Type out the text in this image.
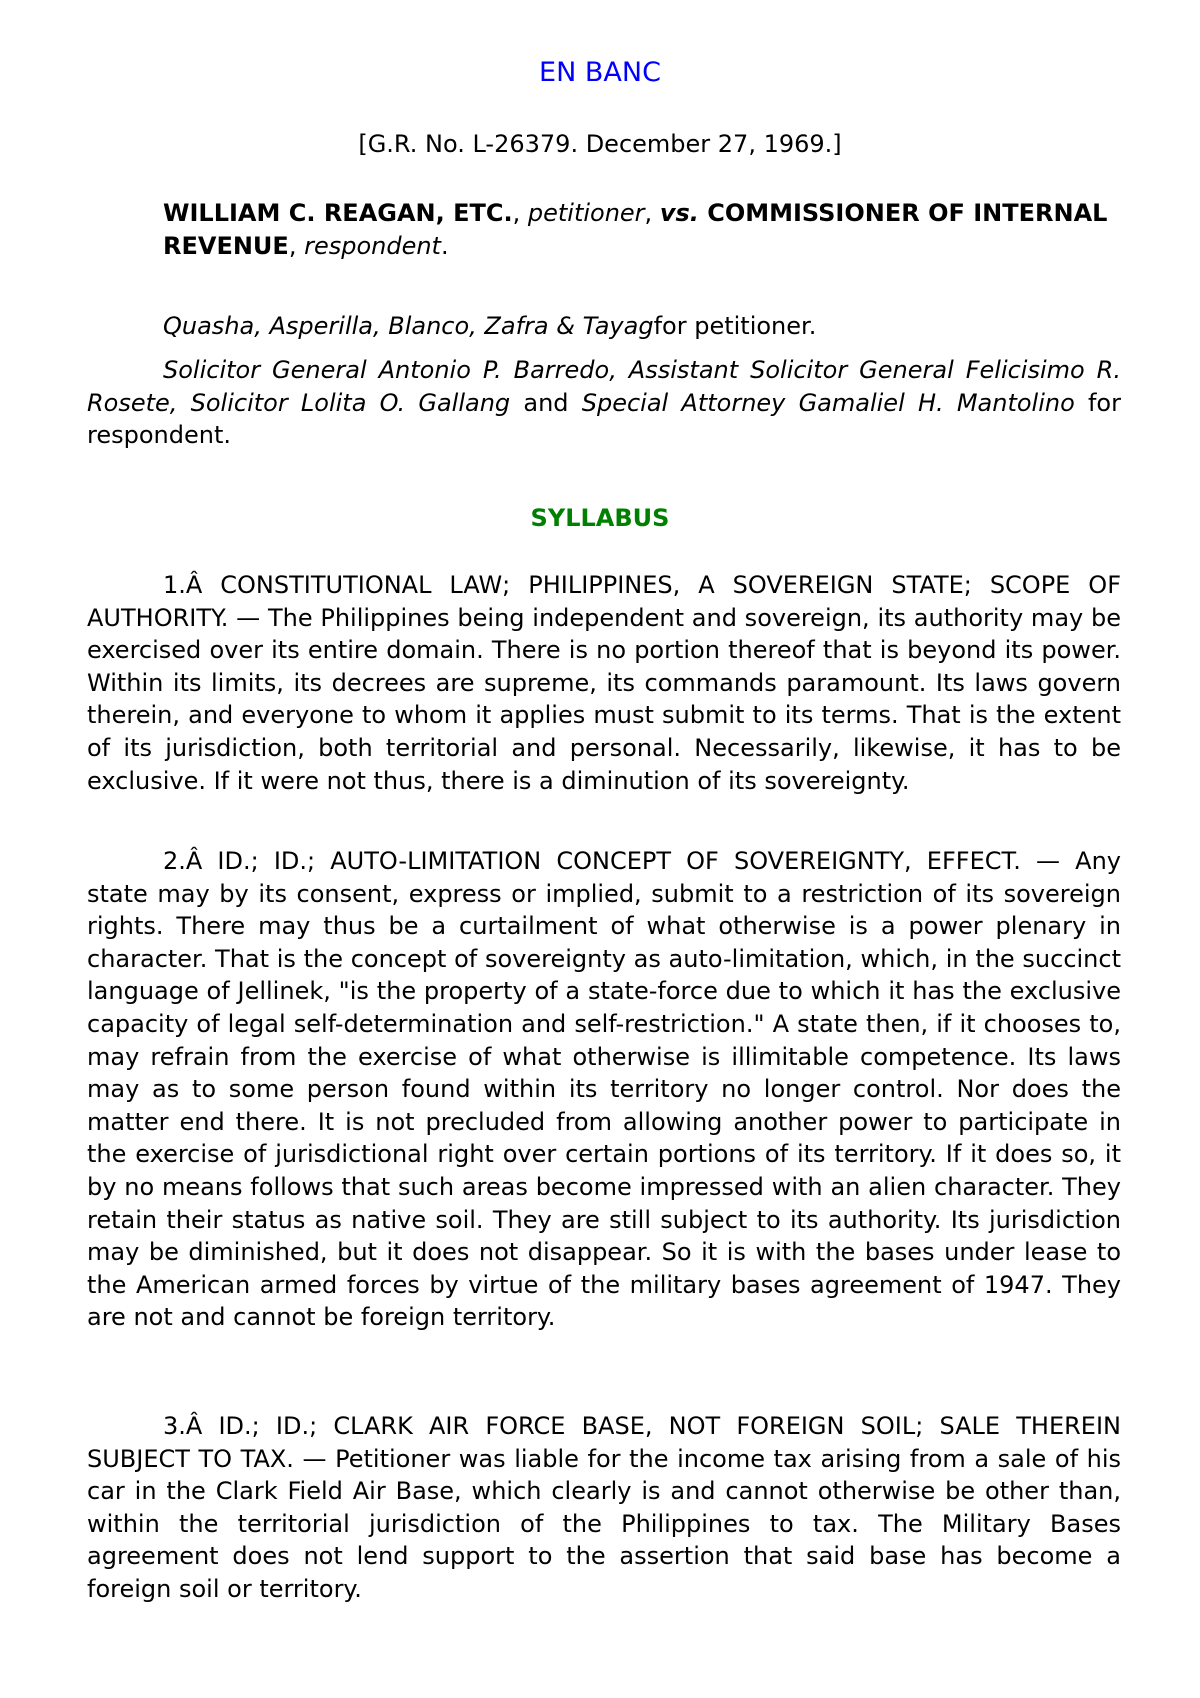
EN BANC
[G.R. No. L-26379. December 27, 1969.]
WILLIAM C. REAGAN, ETC., petitioner, vs. COMMISSIONER OF INTERNAL REVENUE, respondent.
Quasha, Asperilla, Blanco, Zafra & Tayagfor petitioner.
Solicitor General Antonio P. Barredo, Assistant Solicitor General Felicisimo R. Rosete, Solicitor Lolita O. Gallang and Special Attorney Gamaliel H. Mantolino for respondent.
SYLLABUS
1.Â CONSTITUTIONAL LAW; PHILIPPINES, A SOVEREIGN STATE; SCOPE OF AUTHORITY. — The Philippines being independent and sovereign, its authority may be exercised over its entire domain. There is no portion thereof that is beyond its power. Within its limits, its decrees are supreme, its commands paramount. Its laws govern therein, and everyone to whom it applies must submit to its terms. That is the extent of its jurisdiction, both territorial and personal. Necessarily, likewise, it has to be exclusive. If it were not thus, there is a diminution of its sovereignty.
2.Â ID.; ID.; AUTO-LIMITATION CONCEPT OF SOVEREIGNTY, EFFECT. — Any state may by its consent, express or implied, submit to a restriction of its sovereign rights. There may thus be a curtailment of what otherwise is a power plenary in character. That is the concept of sovereignty as auto-limitation, which, in the succinct language of Jellinek, "is the property of a state-force due to which it has the exclusive capacity of legal self-determination and self-restriction." A state then, if it chooses to, may refrain from the exercise of what otherwise is illimitable competence. Its laws may as to some person found within its territory no longer control. Nor does the matter end there. It is not precluded from allowing another power to participate in the exercise of jurisdictional right over certain portions of its territory. If it does so, it by no means follows that such areas become impressed with an alien character. They retain their status as native soil. They are still subject to its authority. Its jurisdiction may be diminished, but it does not disappear. So it is with the bases under lease to the American armed forces by virtue of the military bases agreement of 1947. They are not and cannot be foreign territory.
3.Â ID.; ID.; CLARK AIR FORCE BASE, NOT FOREIGN SOIL; SALE THEREIN SUBJECT TO TAX. — Petitioner was liable for the income tax arising from a sale of his car in the Clark Field Air Base, which clearly is and cannot otherwise be other than, within the territorial jurisdiction of the Philippines to tax. The Military Bases agreement does not lend support to the assertion that said base has become a foreign soil or territory.
